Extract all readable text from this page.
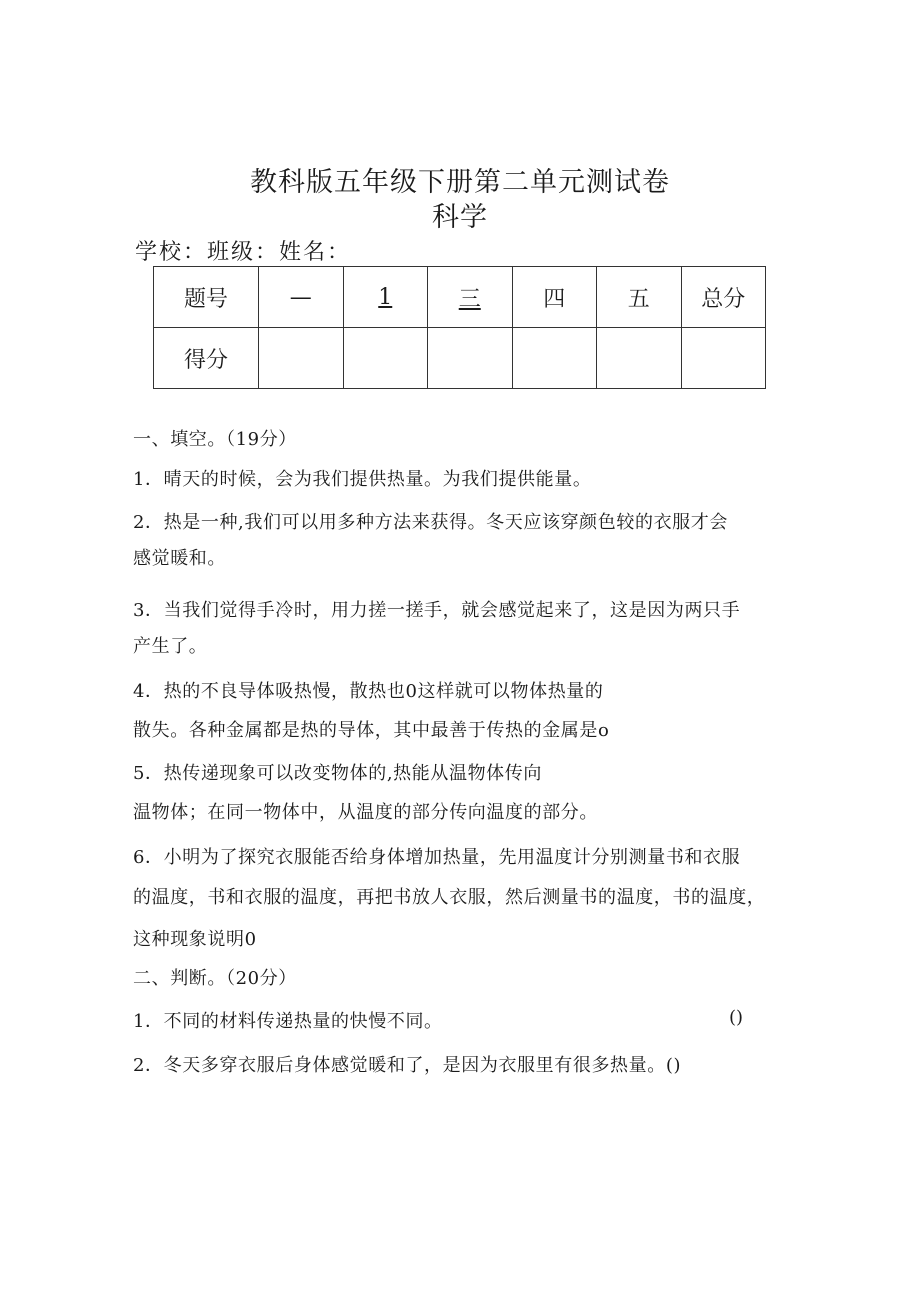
教科版五年级下册第二单元测试卷
科学
学校：班级：姓名：
题号	—	1	三	四	五	总分
得分						
一、填空。（19分）
1．晴天的时候，会为我们提供热量。为我们提供能量。
2．热是一种,我们可以用多种方法来获得。冬天应该穿颜色较的衣服才会
感觉暖和。
3．当我们觉得手冷时，用力搓一搓手，就会感觉起来了，这是因为两只手
产生了。
4．热的不良导体吸热慢，散热也0这样就可以物体热量的
散失。各种金属都是热的导体，其中最善于传热的金属是o
5．热传递现象可以改变物体的,热能从温物体传向
温物体；在同一物体中，从温度的部分传向温度的部分。
6．小明为了探究衣服能否给身体增加热量，先用温度计分别测量书和衣服
的温度，书和衣服的温度，再把书放人衣服，然后测量书的温度，书的温度，
这种现象说明0
二、判断。（20分）
1．不同的材料传递热量的快慢不同。	()
2．冬天多穿衣服后身体感觉暖和了，是因为衣服里有很多热量。()
